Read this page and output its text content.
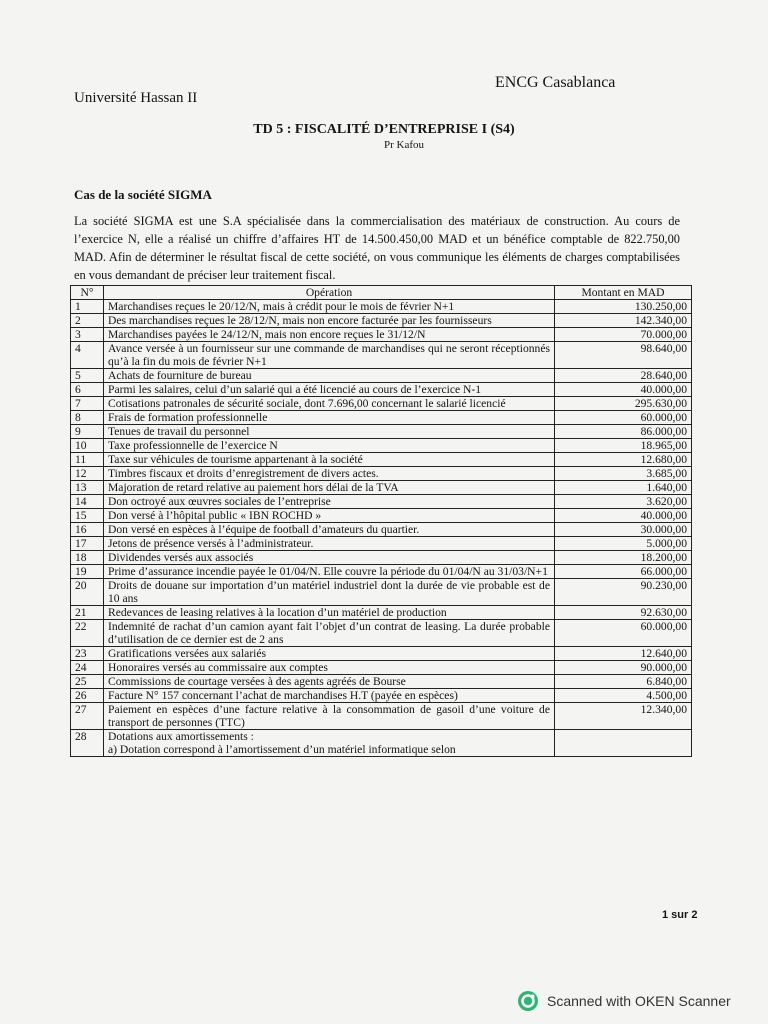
Université Hassan II
ENCG Casablanca
TD 5 : FISCALITÉ D’ENTREPRISE I (S4)
Pr Kafou
Cas de la société SIGMA
La société SIGMA est une S.A spécialisée dans la commercialisation des matériaux de construction. Au cours de l’exercice N, elle a réalisé un chiffre d’affaires HT de 14.500.450,00 MAD et un bénéfice comptable de 822.750,00 MAD. Afin de déterminer le résultat fiscal de cette société, on vous communique les éléments de charges comptabilisées en vous demandant de préciser leur traitement fiscal.
N°	Opération	Montant en MAD
1	Marchandises reçues le 20/12/N, mais à crédit pour le mois de février N+1	130.250,00
2	Des marchandises reçues le 28/12/N, mais non encore facturée par les fournisseurs	142.340,00
3	Marchandises payées le 24/12/N, mais non encore reçues le 31/12/N	70.000,00
4	Avance versée à un fournisseur sur une commande de marchandises qui ne seront réceptionnés qu’à la fin du mois de février N+1	98.640,00
5	Achats de fourniture de bureau	28.640,00
6	Parmi les salaires, celui d’un salarié qui a été licencié au cours de l’exercice N-1	40.000,00
7	Cotisations patronales de sécurité sociale, dont 7.696,00 concernant le salarié licencié	295.630,00
8	Frais de formation professionnelle	60.000,00
9	Tenues de travail du personnel	86.000,00
10	Taxe professionnelle de l’exercice N	18.965,00
11	Taxe sur véhicules de tourisme appartenant à la société	12.680,00
12	Timbres fiscaux et droits d’enregistrement de divers actes.	3.685,00
13	Majoration de retard relative au paiement hors délai de la TVA	1.640,00
14	Don octroyé aux œuvres sociales de l’entreprise	3.620,00
15	Don versé à l’hôpital public « IBN ROCHD »	40.000,00
16	Don versé en espèces à l’équipe de football d’amateurs du quartier.	30.000,00
17	Jetons de présence versés à l’administrateur.	5.000,00
18	Dividendes versés aux associés	18.200,00
19	Prime d’assurance incendie payée le 01/04/N. Elle couvre la période du 01/04/N au 31/03/N+1	66.000,00
20	Droits de douane sur importation d’un matériel industriel dont la durée de vie probable est de 10 ans	90.230,00
21	Redevances de leasing relatives à la location d’un matériel de production	92.630,00
22	Indemnité de rachat d’un camion ayant fait l’objet d’un contrat de leasing. La durée probable d’utilisation de ce dernier est de 2 ans	60.000,00
23	Gratifications versées aux salariés	12.640,00
24	Honoraires versés au commissaire aux comptes	90.000,00
25	Commissions de courtage versées à des agents agréés de Bourse	6.840,00
26	Facture N° 157 concernant l’achat de marchandises H.T (payée en espèces)	4.500,00
27	Paiement en espèces d’une facture relative à la consommation de gasoil d’une voiture de transport de personnes (TTC)	12.340,00
28	Dotations aux amortissements :
a) Dotation correspond à l’amortissement d’un matériel informatique selon	
1 sur 2
Scanned with OKEN Scanner
